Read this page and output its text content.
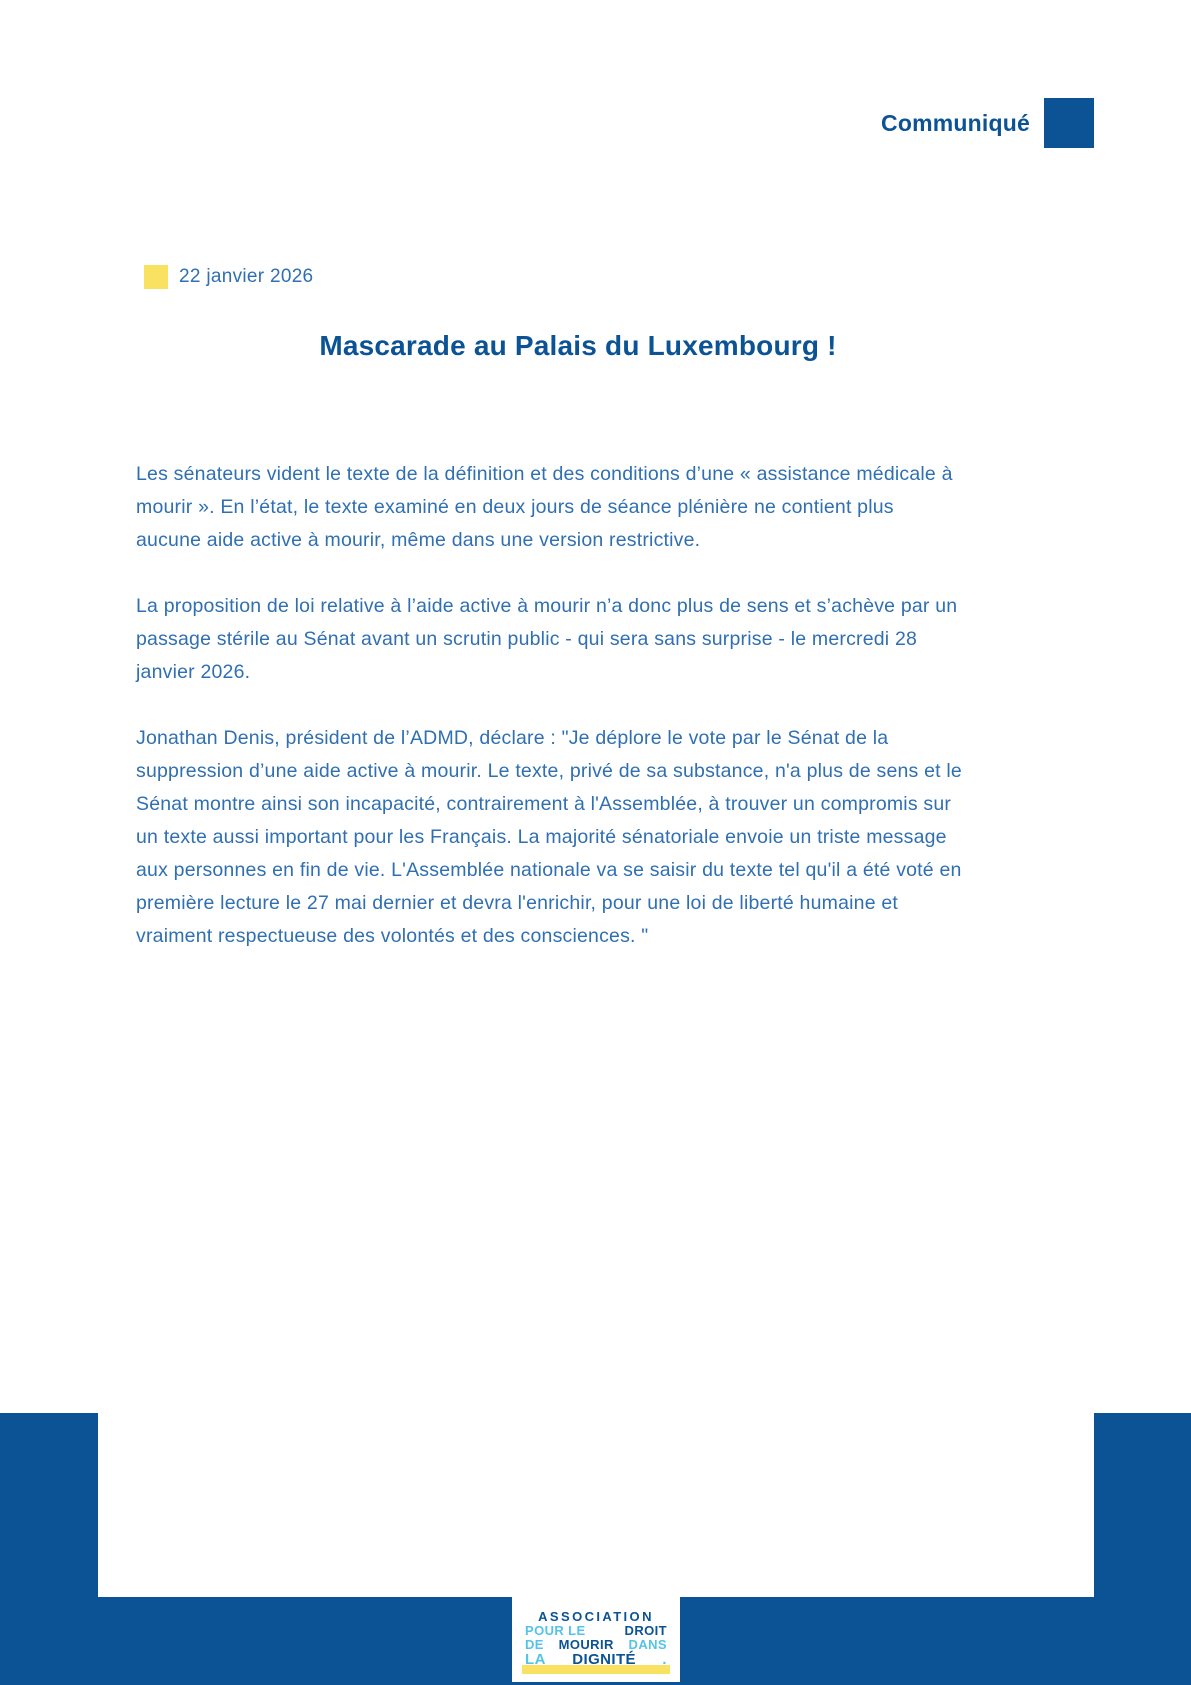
Communiqué
22 janvier 2026
Mascarade au Palais du Luxembourg !
Les sénateurs vident le texte de la définition et des conditions d’une « assistance médicale à
mourir ». En l’état, le texte examiné en deux jours de séance plénière ne contient plus
aucune aide active à mourir, même dans une version restrictive.
La proposition de loi relative à l’aide active à mourir n’a donc plus de sens et s’achève par un
passage stérile au Sénat avant un scrutin public - qui sera sans surprise - le mercredi 28
janvier 2026.
Jonathan Denis, président de l’ADMD, déclare : "Je déplore le vote par le Sénat de la
suppression d’une aide active à mourir. Le texte, privé de sa substance, n'a plus de sens et le
Sénat montre ainsi son incapacité, contrairement à l'Assemblée, à trouver un compromis sur
un texte aussi important pour les Français. La majorité sénatoriale envoie un triste message
aux personnes en fin de vie. L'Assemblée nationale va se saisir du texte tel qu'il a été voté en
première lecture le 27 mai dernier et devra l'enrichir, pour une loi de liberté humaine et
vraiment respectueuse des volontés et des consciences. "
ASSOCIATION
POUR LE	DROIT
DE MOURIR DANS
LA DIGNITÉ .
